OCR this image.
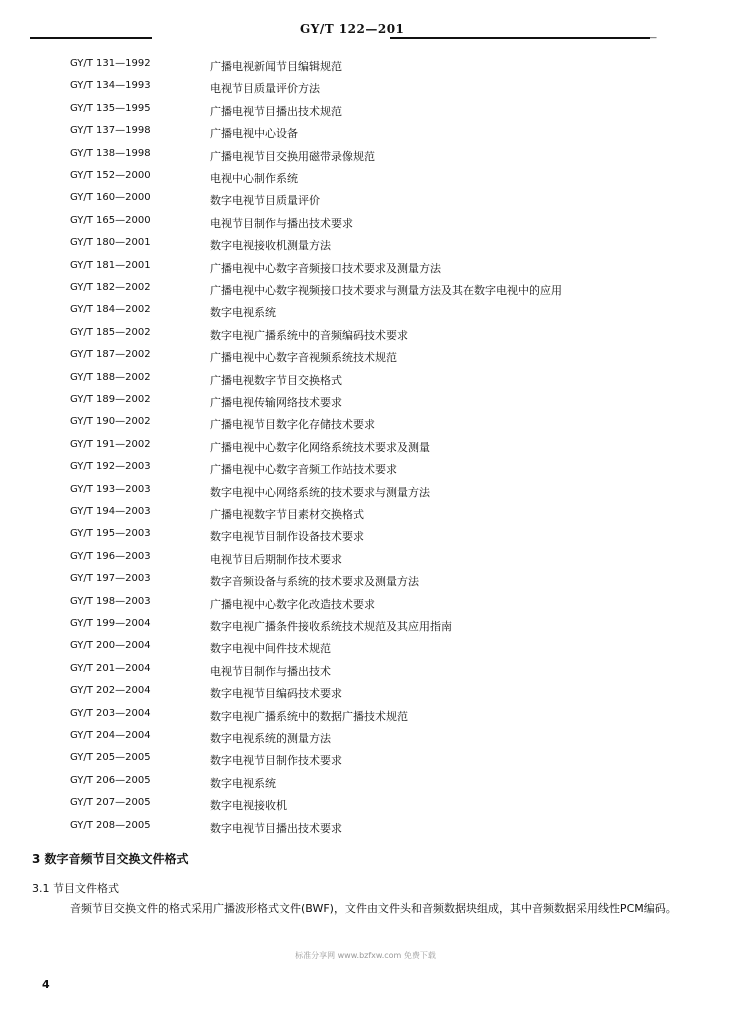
GY/T 122—201
—
GY/T 131—1992	广播电视新闻节目编辑规范
GY/T 134—1993	电视节目质量评价方法
GY/T 135—1995	广播电视节目播出技术规范
GY/T 137—1998	广播电视中心设备
GY/T 138—1998	广播电视节目交换用磁带录像规范
GY/T 152—2000	电视中心制作系统
GY/T 160—2000	数字电视节目质量评价
GY/T 165—2000	电视节目制作与播出技术要求
GY/T 180—2001	数字电视接收机测量方法
GY/T 181—2001	广播电视中心数字音频接口技术要求及测量方法
GY/T 182—2002	广播电视中心数字视频接口技术要求与测量方法及其在数字电视中的应用
GY/T 184—2002	数字电视系统
GY/T 185—2002	数字电视广播系统中的音频编码技术要求
GY/T 187—2002	广播电视中心数字音视频系统技术规范
GY/T 188—2002	广播电视数字节目交换格式
GY/T 189—2002	广播电视传输网络技术要求
GY/T 190—2002	广播电视节目数字化存储技术要求
GY/T 191—2002	广播电视中心数字化网络系统技术要求及测量
GY/T 192—2003	广播电视中心数字音频工作站技术要求
GY/T 193—2003	数字电视中心网络系统的技术要求与测量方法
GY/T 194—2003	广播电视数字节目素材交换格式
GY/T 195—2003	数字电视节目制作设备技术要求
GY/T 196—2003	电视节目后期制作技术要求
GY/T 197—2003	数字音频设备与系统的技术要求及测量方法
GY/T 198—2003	广播电视中心数字化改造技术要求
GY/T 199—2004	数字电视广播条件接收系统技术规范及其应用指南
GY/T 200—2004	数字电视中间件技术规范
GY/T 201—2004	电视节目制作与播出技术
GY/T 202—2004	数字电视节目编码技术要求
GY/T 203—2004	数字电视广播系统中的数据广播技术规范
GY/T 204—2004	数字电视系统的测量方法
GY/T 205—2005	数字电视节目制作技术要求
GY/T 206—2005	数字电视系统
GY/T 207—2005	数字电视接收机
GY/T 208—2005	数字电视节目播出技术要求
3 数字音频节目交换文件格式
3.1 节目文件格式
音频节目交换文件的格式采用广播波形格式文件(BWF)，文件由文件头和音频数据块组成，其中音频数据采用线性PCM编码。
标准分享网 www.bzfxw.com 免费下载
4
